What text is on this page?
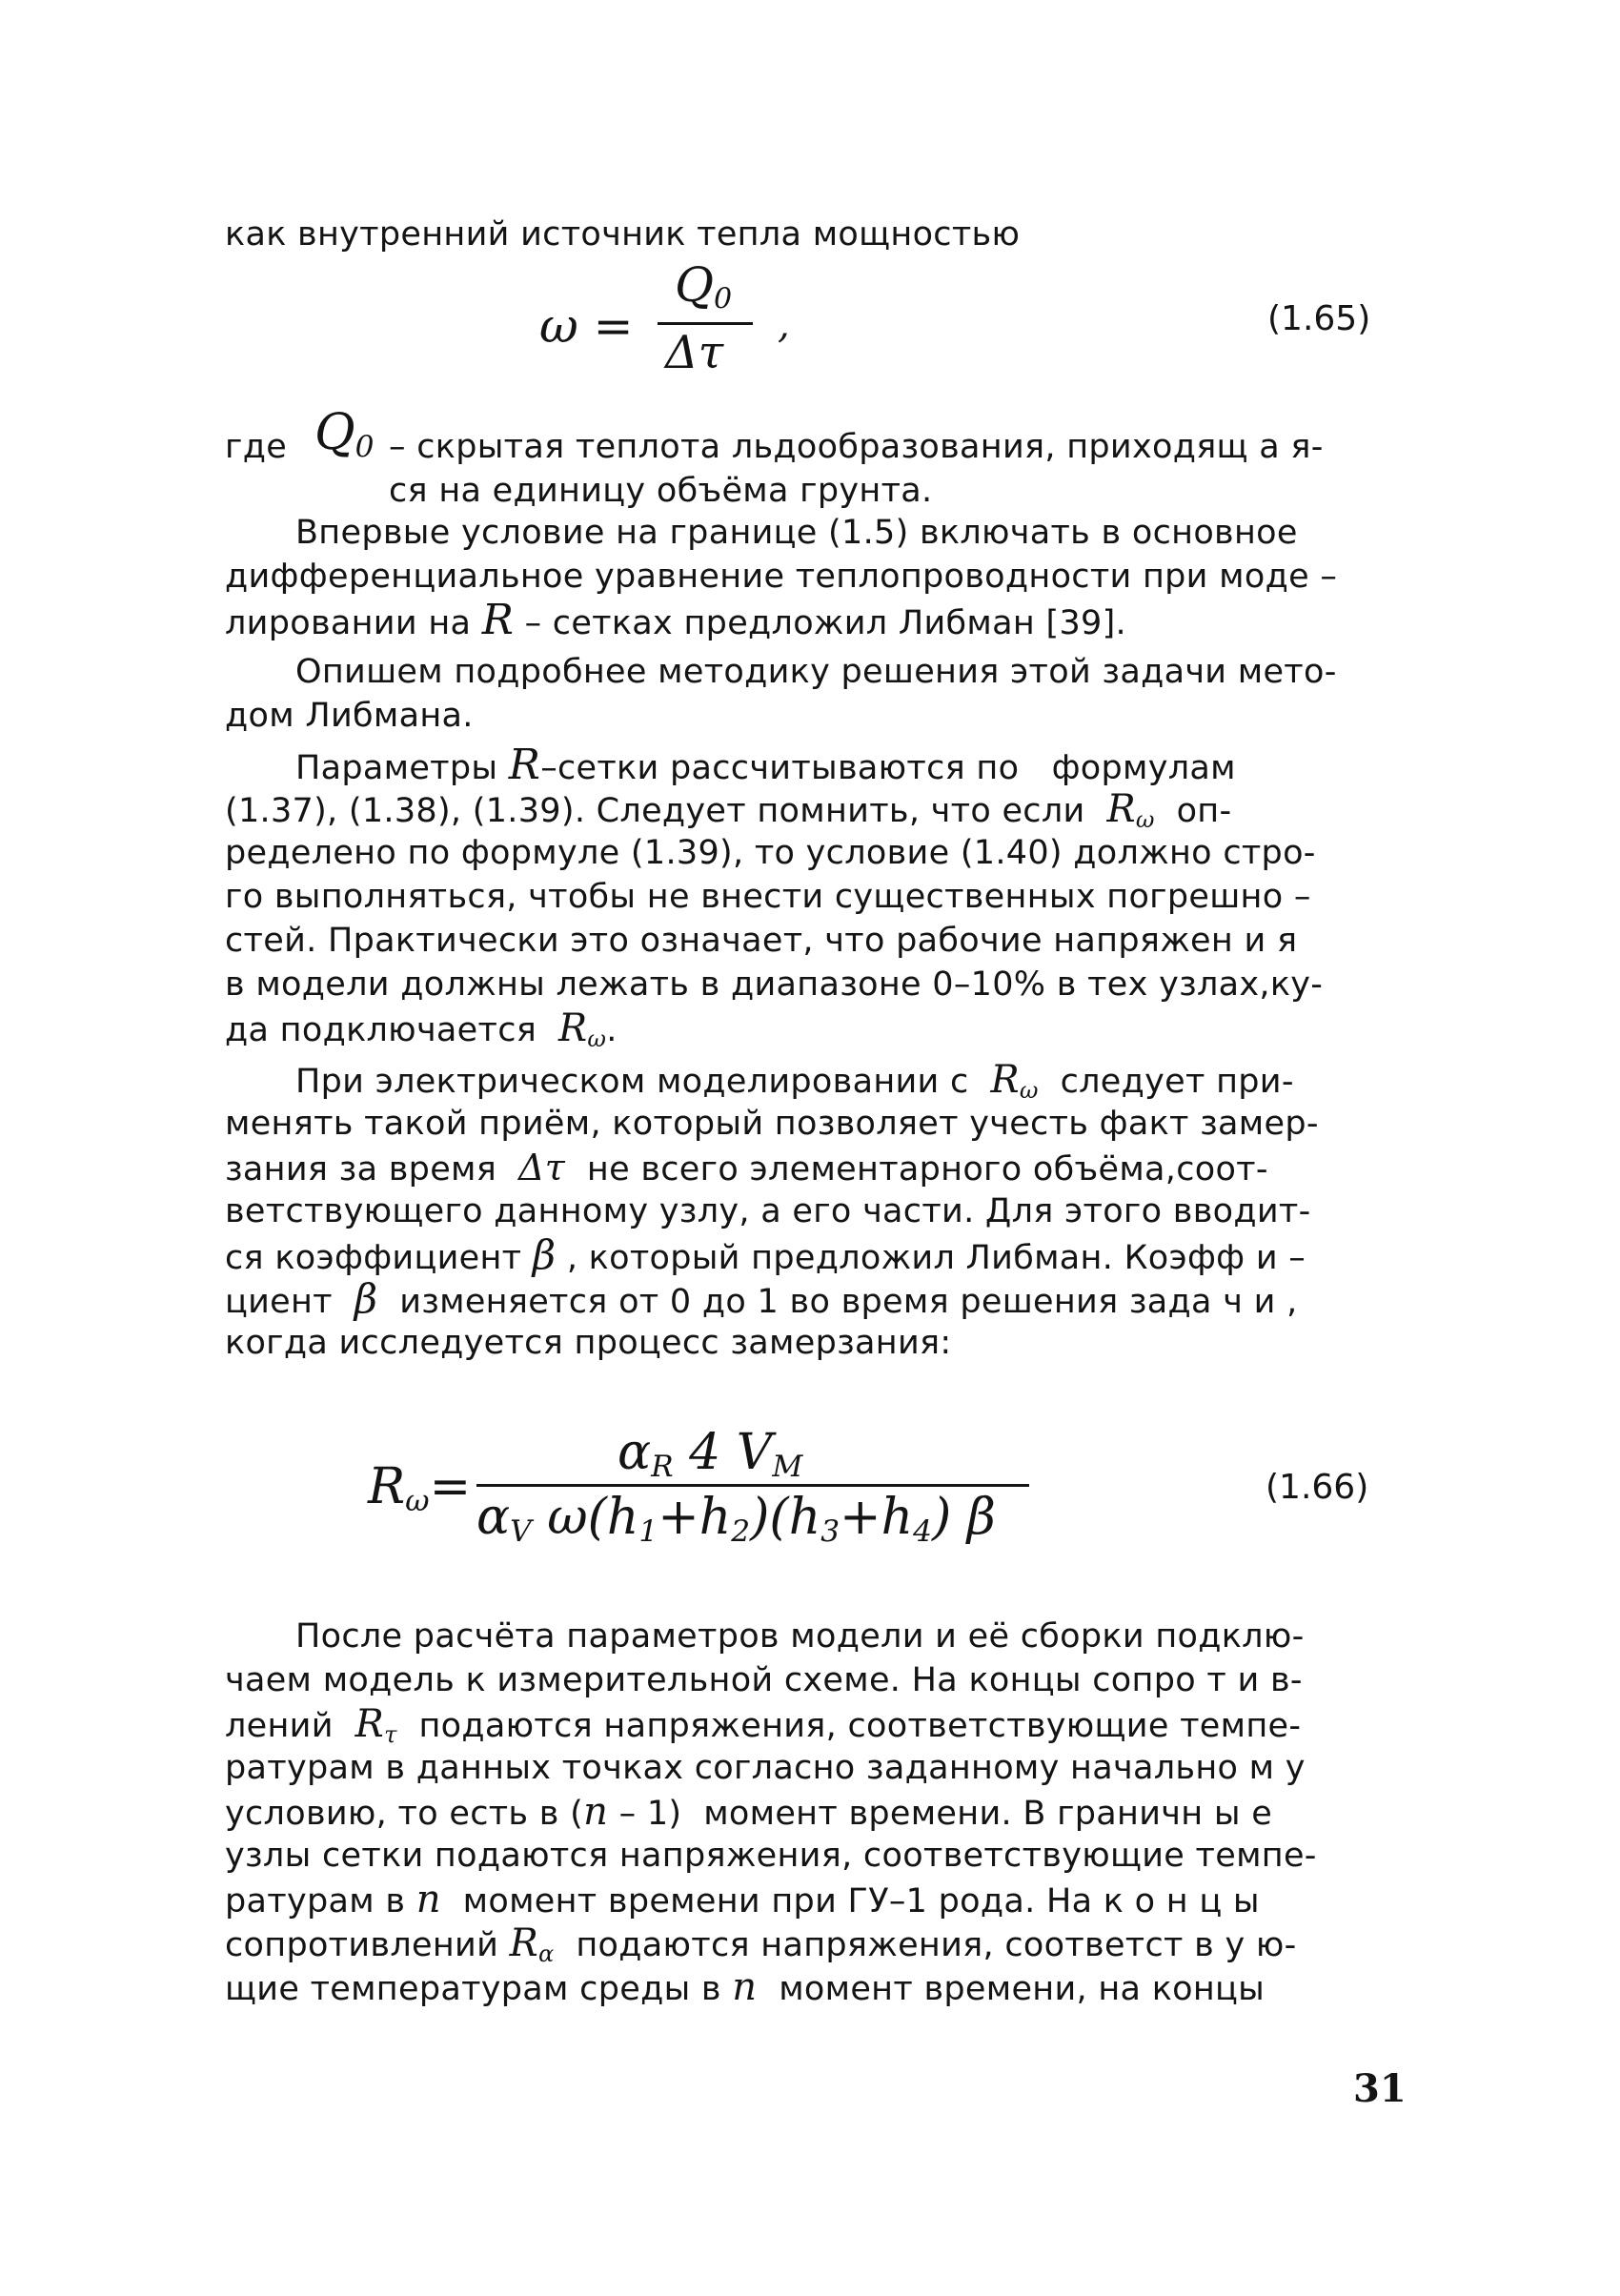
как внутренний источник тепла мощностью
ω =
$Q_0$
Δτ
,	(1.65)
где $Q_0$ – скрытая теплота льдообразования, приходящ а я-
ся на единицу объёма грунта.
Впервые условие на границе (1.5) включать в основное
дифференциальное уравнение теплопроводности при моде –
лировании на R – сетках предложил Либман [39].
Опишем подробнее методику решения этой задачи мето-
дом Либмана.
Параметры R–сетки рассчитываются по   формулам
(1.37), (1.38), (1.39). Следует помнить, что если $R_\omega$ оп-
ределено по формуле (1.39), то условие (1.40) должно стро-
го выполняться, чтобы не внести существенных погрешно –
стей. Практически это означает, что рабочие напряжен и я
в модели должны лежать в диапазоне 0–10% в тех узлах,ку-
да подключается $R_\omega$.
При электрическом моделировании с $R_\omega$ следует при-
менять такой приём, который позволяет учесть факт замер-
зания за время Δτ не всего элементарного объёма,соот-
ветствующего данному узлу, а его части. Для этого вводит-
ся коэффициент β , который предложил Либман. Коэфф и –
циент β изменяется от 0 до 1 во время решения зада ч и ,
когда исследуется процесс замерзания:
$R_\omega=$
$\alpha_R$ 4 $V_M$
$\alpha_V$ $\omega(h_1+h_2)(h_3+h_4)$ β
(1.66)
После расчёта параметров модели и её сборки подклю-
чаем модель к измерительной схеме. На концы сопро т и в-
лений $R_\tau$ подаются напряжения, соответствующие темпе-
ратурам в данных точках согласно заданному начально м у
условию, то есть в (n – 1)  момент времени. В граничн ы е
узлы сетки подаются напряжения, соответствующие темпе-
ратурам в n момент времени при ГУ–1 рода. На к о н ц ы
сопротивлений $R_\alpha$ подаются напряжения, соответст в у ю-
щие температурам среды в n момент времени, на концы
31
